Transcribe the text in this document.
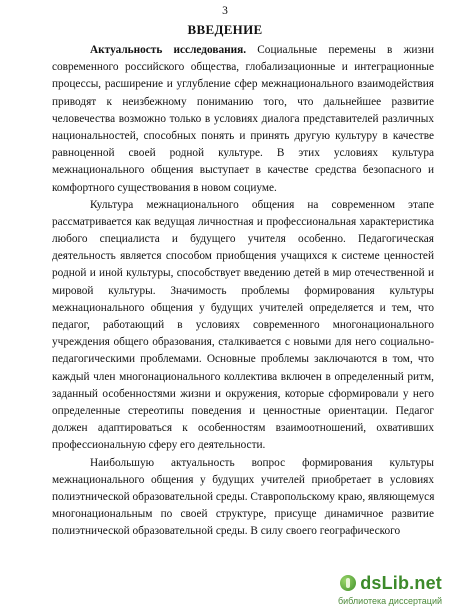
3
ВВЕДЕНИЕ
Актуальность исследования. Социальные перемены в жизни
современного российского общества, глобализационные и интеграционные
процессы, расширение и углубление сфер межнационального взаимодействия
приводят к неизбежному пониманию того, что дальнейшее развитие
человечества возможно только в условиях диалога представителей различных
национальностей, способных понять и принять другую культуру в качестве
равноценной своей родной культуре. В этих условиях культура
межнационального общения выступает в качестве средства безопасного и
комфортного существования в новом социуме.
Культура межнационального общения на современном этапе
рассматривается как ведущая личностная и профессиональная характеристика
любого специалиста и будущего учителя особенно. Педагогическая
деятельность является способом приобщения учащихся к системе ценностей
родной и иной культуры, способствует введению детей в мир отечественной и
мировой культуры. Значимость проблемы формирования культуры
межнационального общения у будущих учителей определяется и тем, что
педагог, работающий в условиях современного многонационального
учреждения общего образования, сталкивается с новыми для него социально-
педагогическими проблемами. Основные проблемы заключаются в том, что
каждый член многонационального коллектива включен в определенный ритм,
заданный особенностями жизни и окружения, которые сформировали у него
определенные стереотипы поведения и ценностные ориентации. Педагог
должен адаптироваться к особенностям взаимоотношений, охвативших
профессиональную сферу его деятельности.
Наибольшую актуальность вопрос формирования культуры
межнационального общения у будущих учителей приобретает в условиях
полиэтнической образовательной среды. Ставропольскому краю, являющемуся
многонациональным по своей структуре, присуще динамичное развитие
полиэтнической образовательной среды. В силу своего географического
dsLib.net
библиотека диссертаций
